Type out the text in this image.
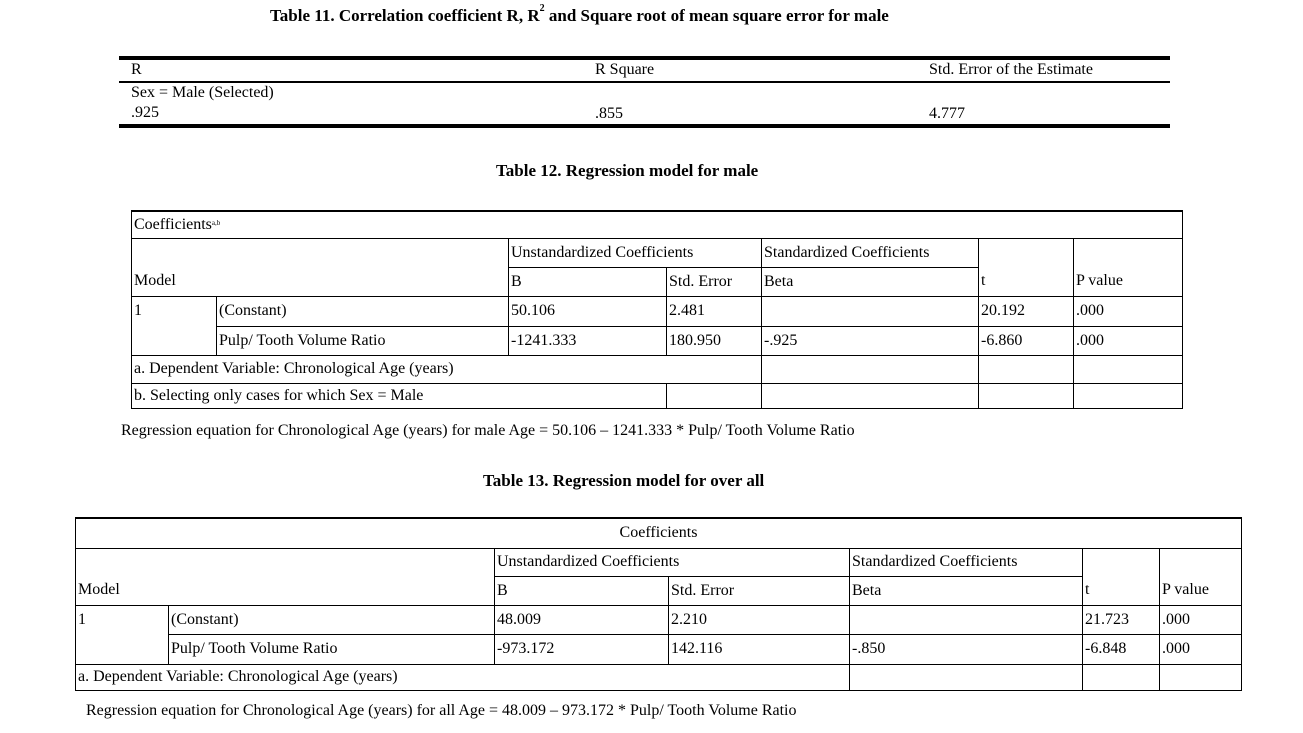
Table 11. Correlation coefficient R, $R^2$ and Square root of mean square error for male
R	R Square	Std. Error of the Estimate
Sex = Male (Selected)
.925	.855	4.777
Table 12. Regression model for male
Coefficients$^{a,b}$
		Unstandardized Coefficients		Standardized Coefficients		
Model		B	Std. Error	Beta	t	P value
1	(Constant)	50.106	2.481		20.192	.000
	Pulp/ Tooth Volume Ratio	-1241.333	180.950	-.925	-6.860	.000
a. Dependent Variable: Chronological Age (years)						
b. Selecting only cases for which Sex = Male						
Regression equation for Chronological Age (years) for male Age = 50.106 – 1241.333 * Pulp/ Tooth Volume Ratio
Table 13. Regression model for over all
Coefficients						
		Unstandardized Coefficients		Standardized Coefficients		
Model		B	Std. Error	Beta	t	P value
1	(Constant)	48.009	2.210		21.723	.000
	Pulp/ Tooth Volume Ratio	-973.172	142.116	-.850	-6.848	.000
a. Dependent Variable: Chronological Age (years)						
Regression equation for Chronological Age (years) for all Age = 48.009 – 973.172 * Pulp/ Tooth Volume Ratio
